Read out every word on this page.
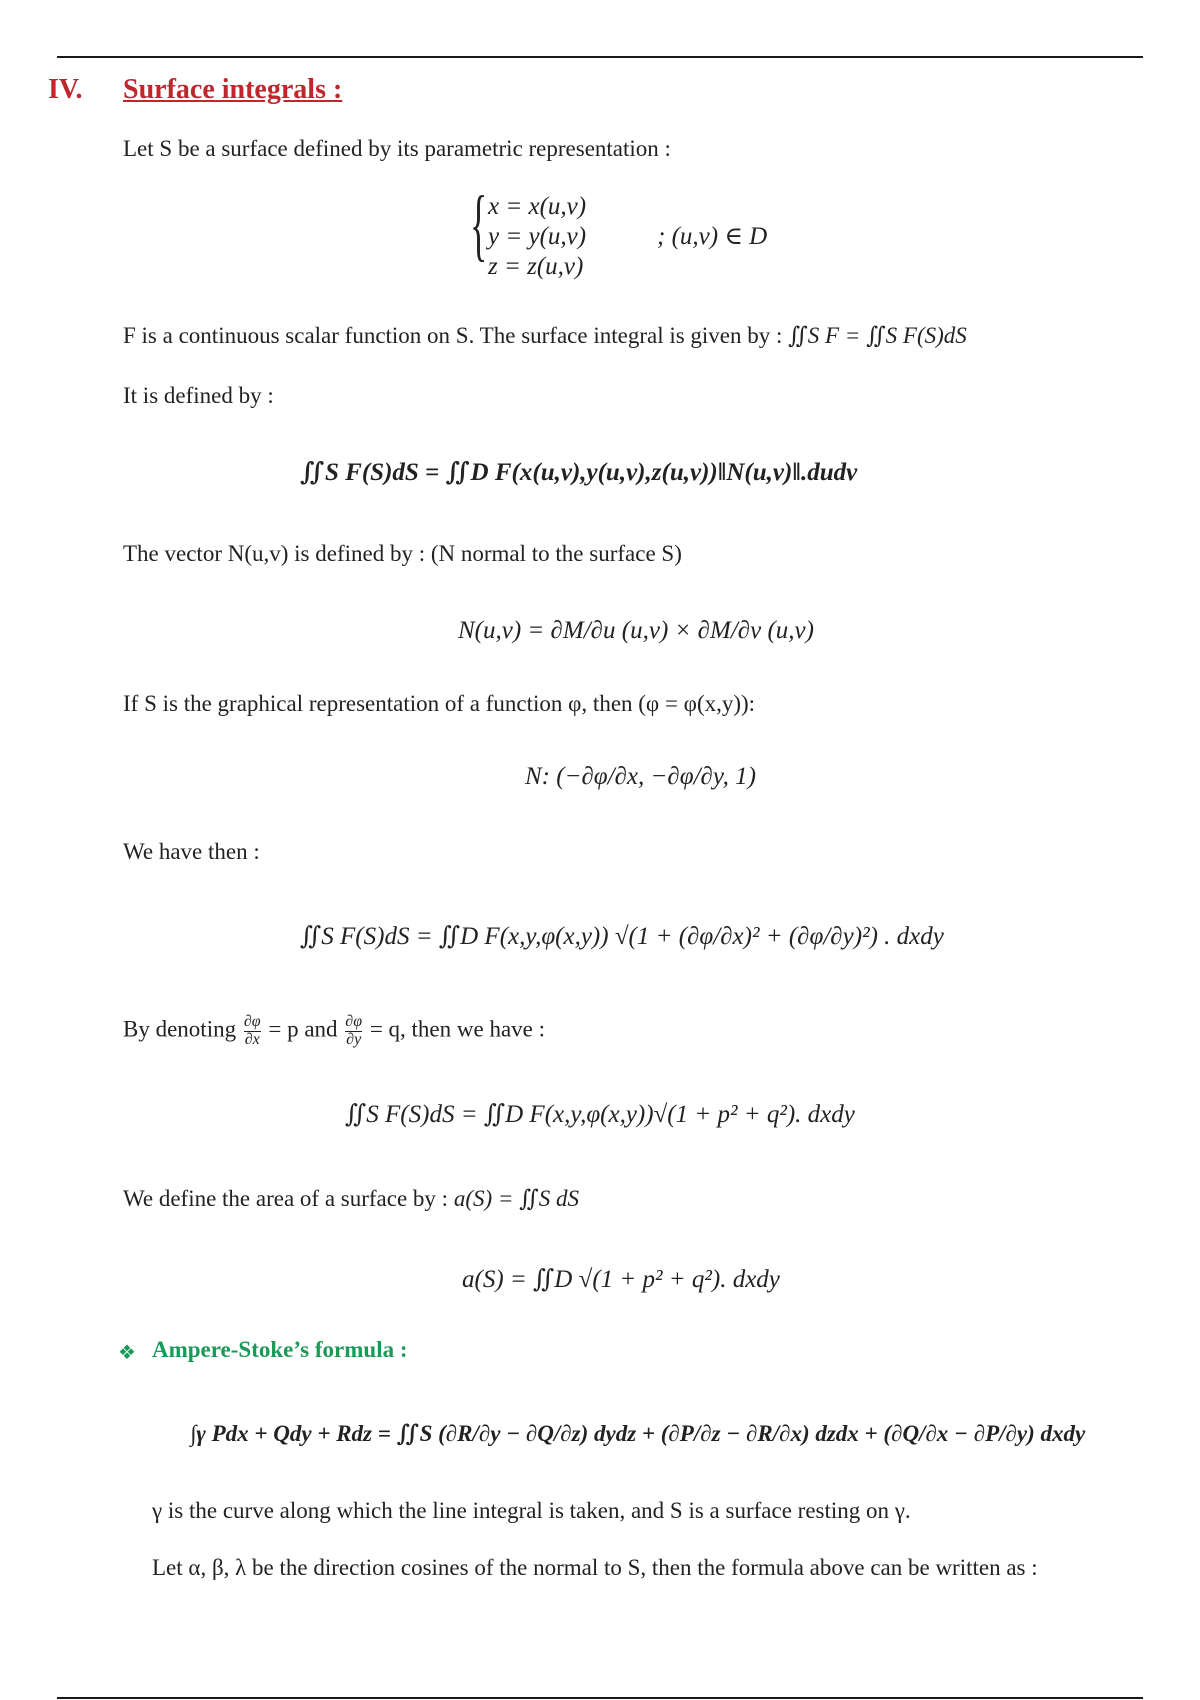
IV. Surface integrals :
Let S be a surface defined by its parametric representation :
{ x = x(u,v)
y = y(u,v)
z = z(u,v)
; (u,v) ∈ D
F is a continuous scalar function on S. The surface integral is given by : ∬S F = ∬S F(S)dS
It is defined by :
∬S F(S)dS = ∬D F(x(u,v),y(u,v),z(u,v))‖N(u,v)‖.dudv
The vector N(u,v) is defined by : (N normal to the surface S)
N(u,v) = ∂M/∂u (u,v) × ∂M/∂v (u,v)
If S is the graphical representation of a function φ, then (φ = φ(x,y)):
N: (−∂φ/∂x, −∂φ/∂y, 1)
We have then :
∬S F(S)dS = ∬D F(x,y,φ(x,y)) √(1 + (∂φ/∂x)² + (∂φ/∂y)²) . dxdy
By denoting $\frac{\partial\varphi}{\partial x} = p$ and $\frac{\partial\varphi}{\partial y} = q$, then we have :
∬S F(S)dS = ∬D F(x,y,φ(x,y))√(1 + p² + q²). dxdy
We define the area of a surface by : a(S) = ∬S dS
a(S) = ∬D √(1 + p² + q²). dxdy
❖ Ampere-Stoke’s formula :
∫γ Pdx + Qdy + Rdz = ∬S (∂R/∂y − ∂Q/∂z) dydz + (∂P/∂z − ∂R/∂x) dzdx + (∂Q/∂x − ∂P/∂y) dxdy
γ is the curve along which the line integral is taken, and S is a surface resting on γ.
Let α, β, λ be the direction cosines of the normal to S, then the formula above can be written as :
